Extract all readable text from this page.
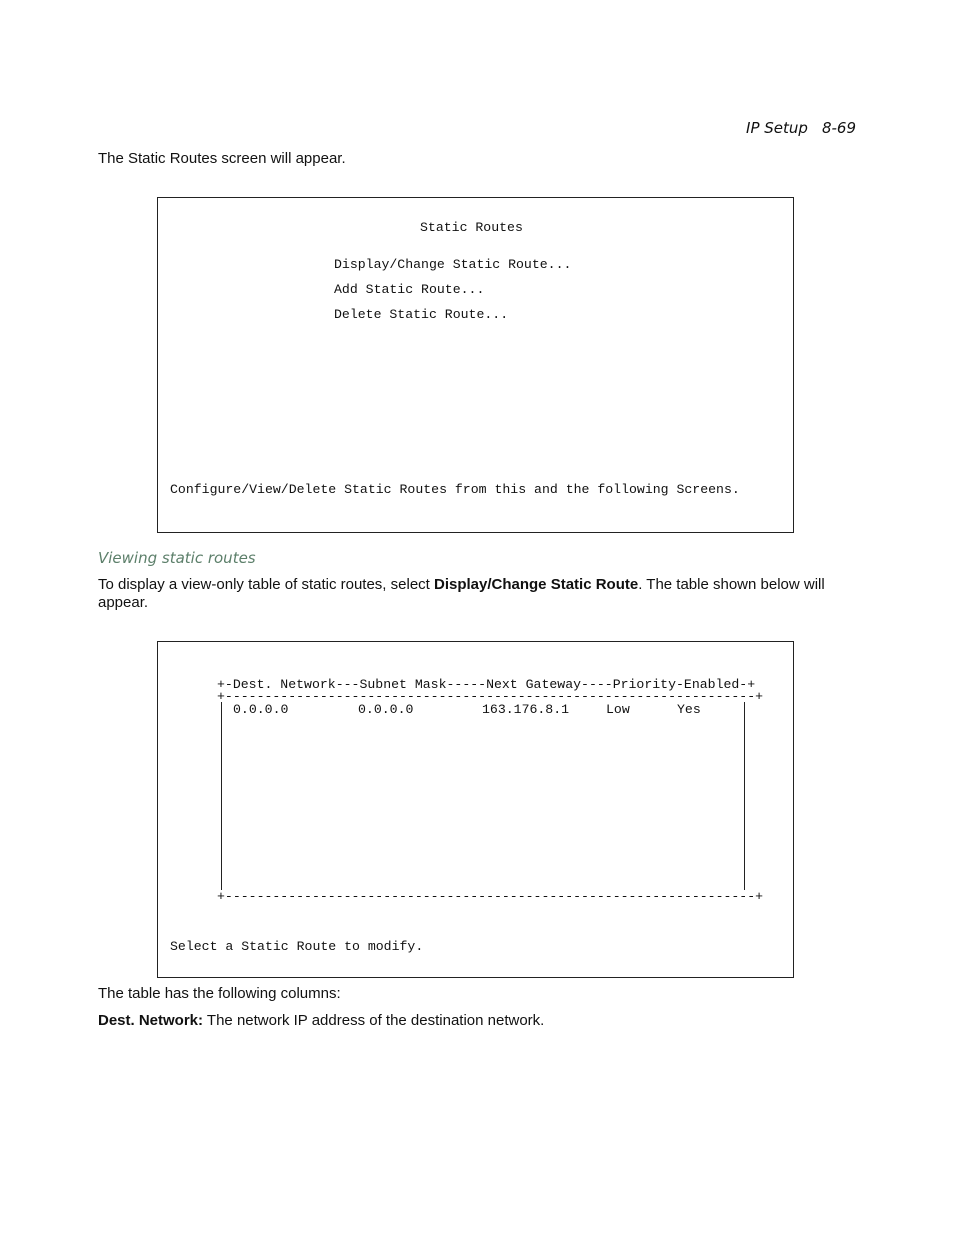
IP Setup 8-69
The Static Routes screen will appear.
Static Routes
Display/Change Static Route...
Add Static Route...
Delete Static Route...
Configure/View/Delete Static Routes from this and the following Screens.
Viewing static routes
To display a view-only table of static routes, select Display/Change Static Route. The table shown below will appear.
+-Dest. Network---Subnet Mask-----Next Gateway----Priority-Enabled-+
+-------------------------------------------------------------------+
0.0.0.0	0.0.0.0	163.176.8.1	Low	Yes
+-------------------------------------------------------------------+
Select a Static Route to modify.
The table has the following columns:
Dest. Network: The network IP address of the destination network.
